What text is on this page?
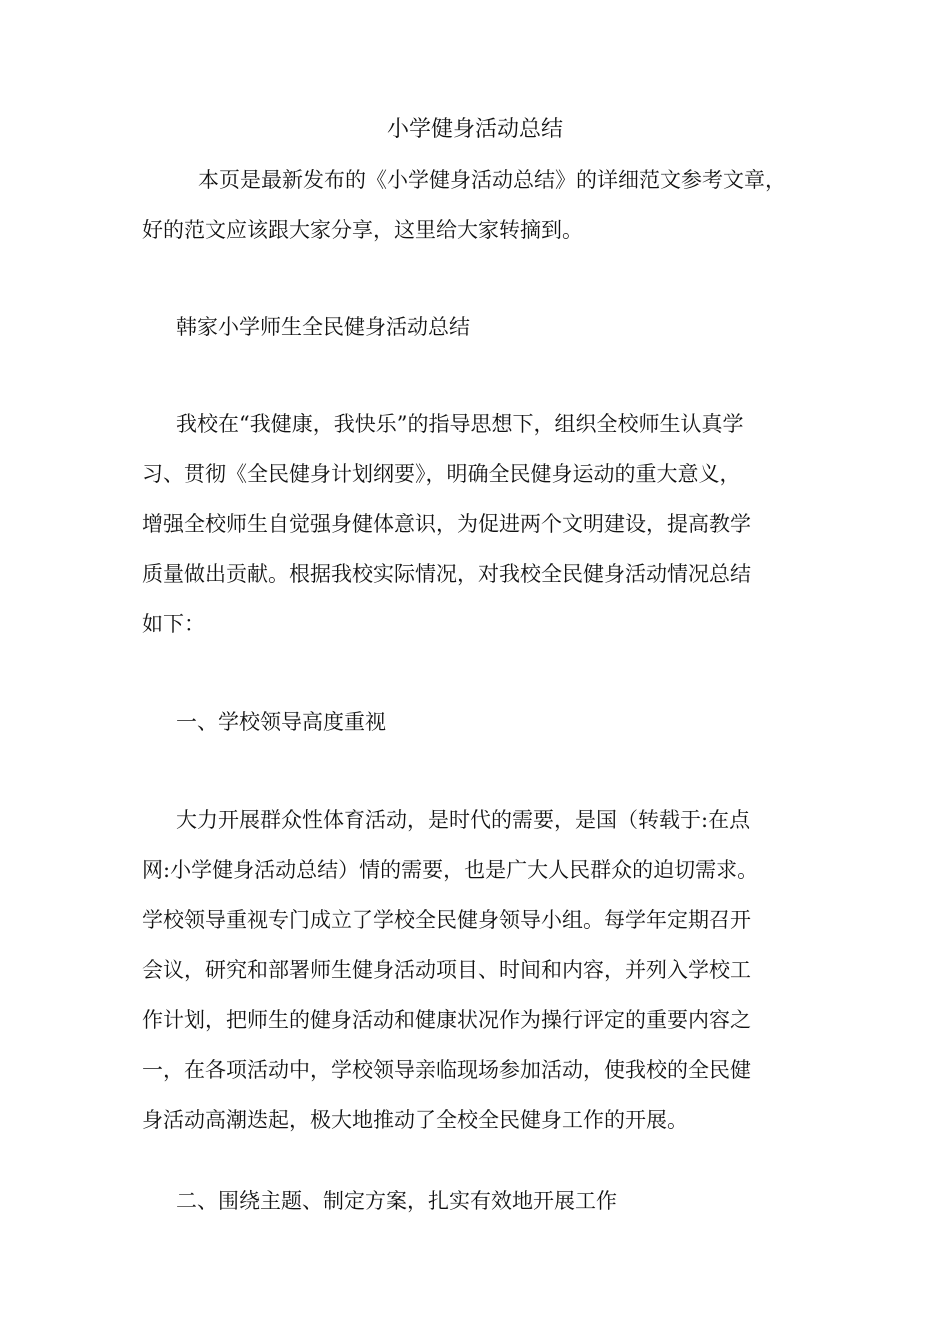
小学健身活动总结
本页是最新发布的《小学健身活动总结》的详细范文参考文章，
好的范文应该跟大家分享，这里给大家转摘到。
韩家小学师生全民健身活动总结
我校在“我健康，我快乐”的指导思想下，组织全校师生认真学
习、贯彻《全民健身计划纲要》，明确全民健身运动的重大意义，
增强全校师生自觉强身健体意识，为促进两个文明建设，提高教学
质量做出贡献。根据我校实际情况，对我校全民健身活动情况总结
如下：
一、学校领导高度重视
大力开展群众性体育活动，是时代的需要，是国（转载于:在点
网:小学健身活动总结）情的需要，也是广大人民群众的迫切需求。
学校领导重视专门成立了学校全民健身领导小组。每学年定期召开
会议，研究和部署师生健身活动项目、时间和内容，并列入学校工
作计划，把师生的健身活动和健康状况作为操行评定的重要内容之
一，在各项活动中，学校领导亲临现场参加活动，使我校的全民健
身活动高潮迭起，极大地推动了全校全民健身工作的开展。
二、围绕主题、制定方案，扎实有效地开展工作
